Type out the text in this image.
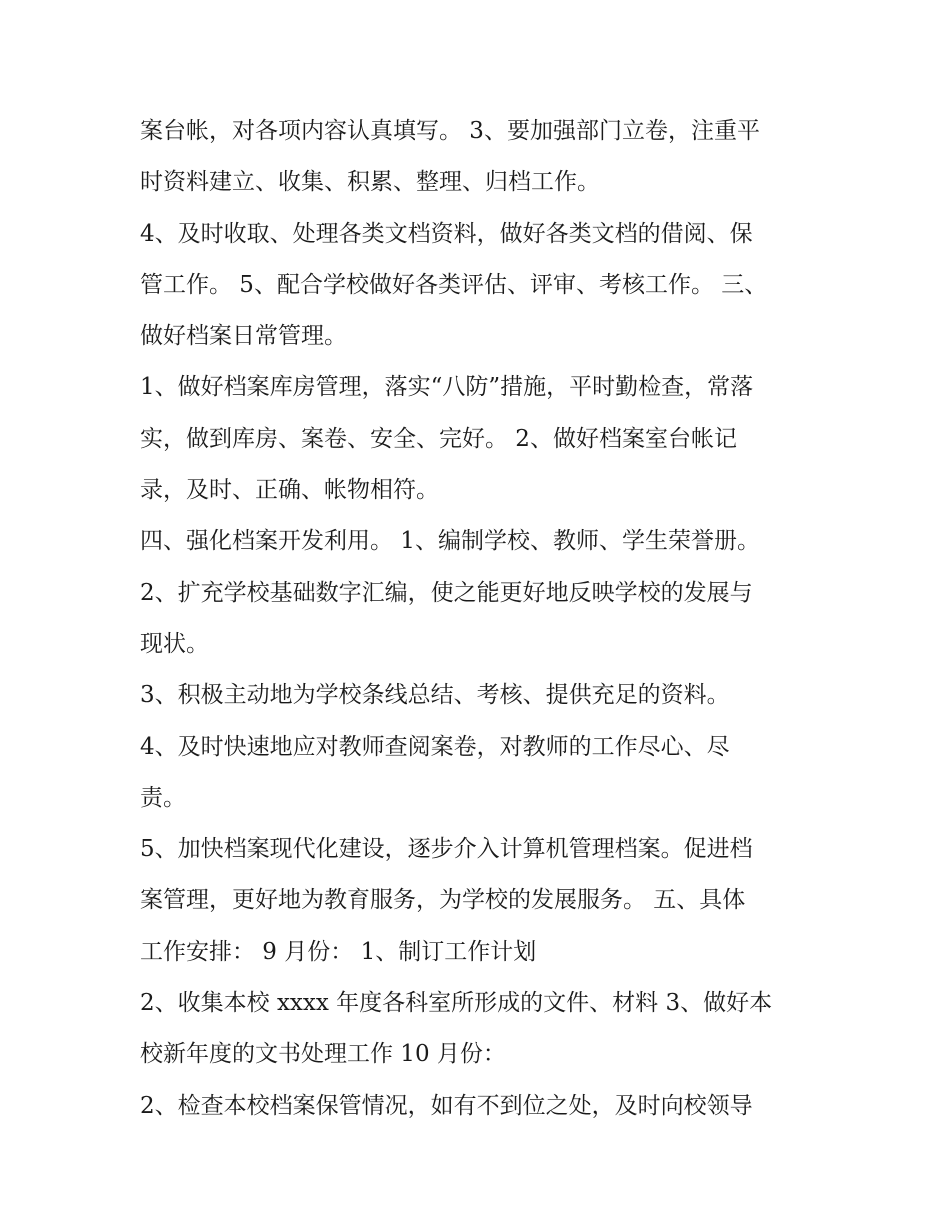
案台帐，对各项内容认真填写。 3、要加强部门立卷，注重平
时资料建立、收集、积累、整理、归档工作。
4、及时收取、处理各类文档资料，做好各类文档的借阅、保
管工作。 5、配合学校做好各类评估、评审、考核工作。 三、
做好档案日常管理。
1、做好档案库房管理，落实“八防”措施，平时勤检查，常落
实，做到库房、案卷、安全、完好。 2、做好档案室台帐记
录，及时、正确、帐物相符。
四、强化档案开发利用。 1、编制学校、教师、学生荣誉册。
2、扩充学校基础数字汇编，使之能更好地反映学校的发展与
现状。
3、积极主动地为学校条线总结、考核、提供充足的资料。
4、及时快速地应对教师查阅案卷，对教师的工作尽心、尽
责。
5、加快档案现代化建设，逐步介入计算机管理档案。促进档
案管理，更好地为教育服务，为学校的发展服务。 五、具体
工作安排： 9 月份： 1、制订工作计划
2、收集本校 xxxx 年度各科室所形成的文件、材料 3、做好本
校新年度的文书处理工作 10 月份：
2、检查本校档案保管情况，如有不到位之处，及时向校领导
